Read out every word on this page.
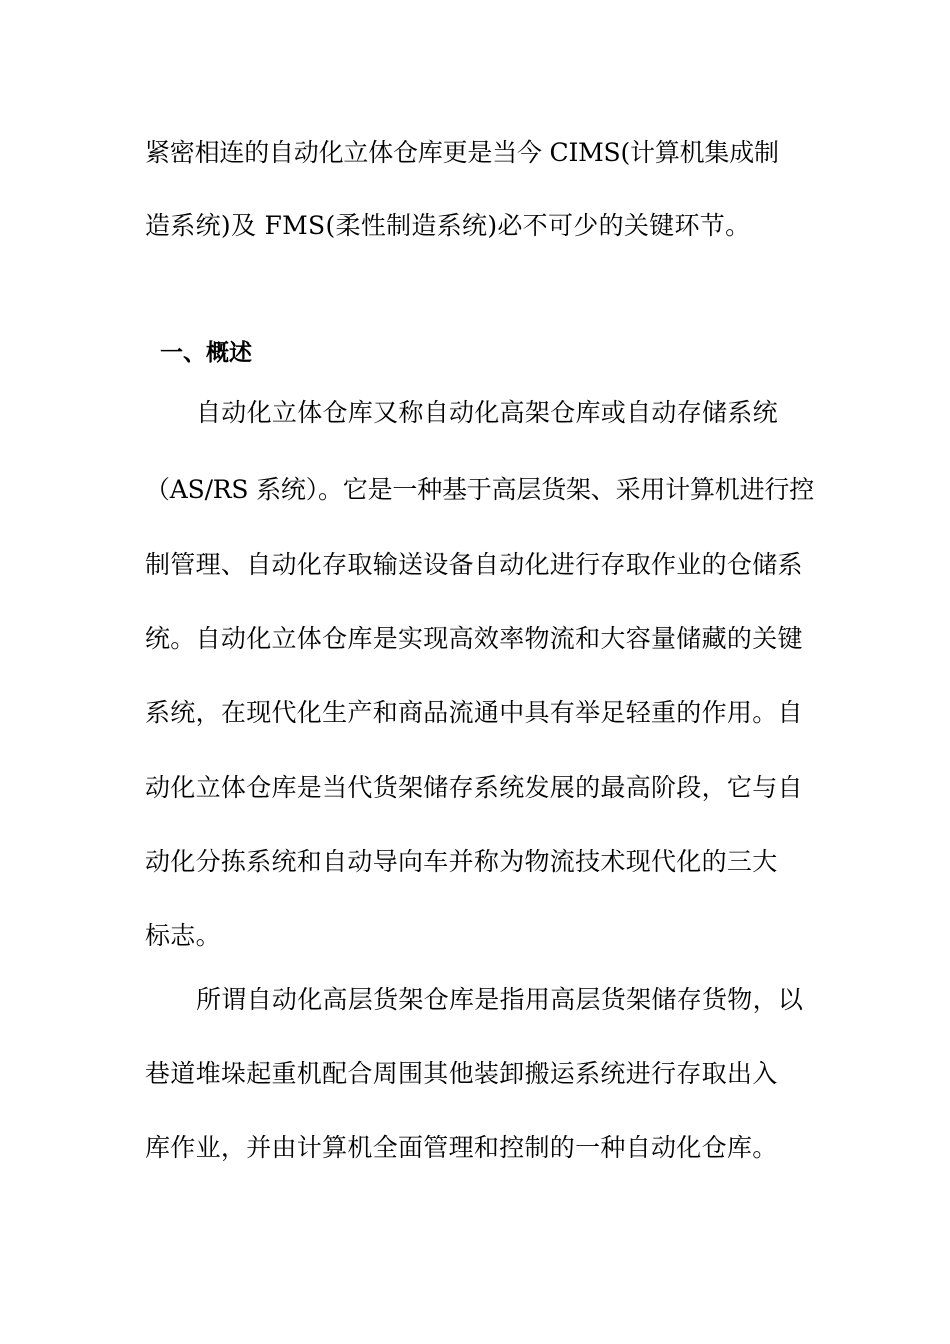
紧密相连的自动化立体仓库更是当今 CIMS(计算机集成制
造系统)及 FMS(柔性制造系统)必不可少的关键环节。
一、概述
自动化立体仓库又称自动化高架仓库或自动存储系统
（AS/RS 系统）。它是一种基于高层货架、采用计算机进行控
制管理、自动化存取输送设备自动化进行存取作业的仓储系
统。自动化立体仓库是实现高效率物流和大容量储藏的关键
系统，在现代化生产和商品流通中具有举足轻重的作用。自
动化立体仓库是当代货架储存系统发展的最高阶段，它与自
动化分拣系统和自动导向车并称为物流技术现代化的三大
标志。
所谓自动化高层货架仓库是指用高层货架储存货物，以
巷道堆垛起重机配合周围其他装卸搬运系统进行存取出入
库作业，并由计算机全面管理和控制的一种自动化仓库。
